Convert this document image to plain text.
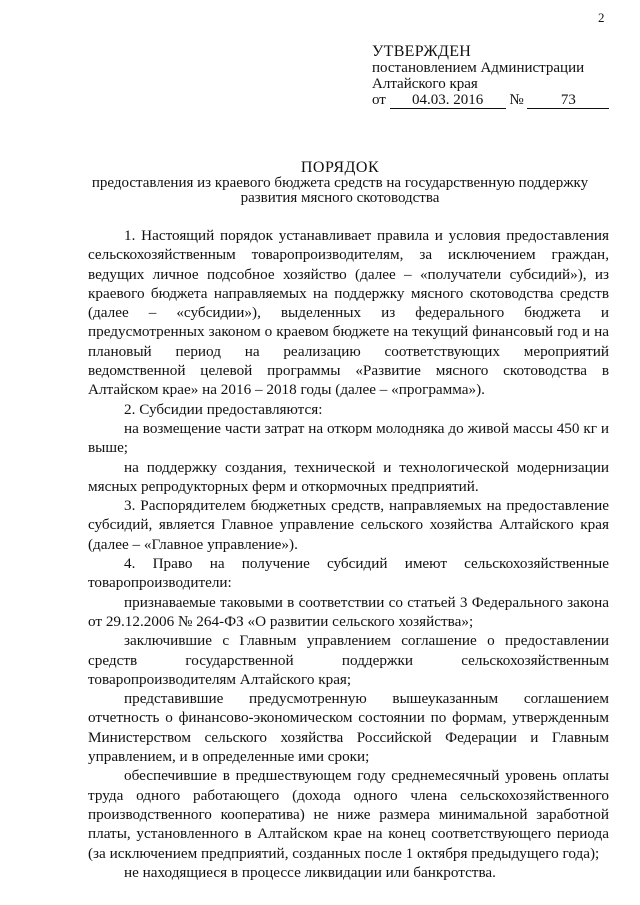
2
УТВЕРЖДЕН
постановлением Администрации
Алтайского края
от 04.03. 2016 № 73
ПОРЯДОК
предоставления из краевого бюджета средств на государственную поддержку
развития мясного скотоводства

1. Настоящий порядок устанавливает правила и условия предоставления сельскохозяйственным товаропроизводителям, за исключением граждан, ведущих личное подсобное хозяйство (далее – «получатели субсидий»), из краевого бюджета направляемых на поддержку мясного скотоводства средств (далее – «субсидии»), выделенных из федерального бюджета и предусмотренных законом о краевом бюджете на текущий финансовый год и на плановый период на реализацию соответствующих мероприятий ведомственной целевой программы «Развитие мясного скотоводства в Алтайском крае» на 2016 – 2018 годы (далее – «программа»).

2. Субсидии предоставляются:

на возмещение части затрат на откорм молодняка до живой массы 450 кг и выше;

на поддержку создания, технической и технологической модернизации мясных репродукторных ферм и откормочных предприятий.

3. Распорядителем бюджетных средств, направляемых на предоставление субсидий, является Главное управление сельского хозяйства Алтайского края (далее – «Главное управление»).

4. Право на получение субсидий имеют сельскохозяйственные товаропроизводители:

признаваемые таковыми в соответствии со статьей 3 Федерального закона от 29.12.2006 № 264-ФЗ «О развитии сельского хозяйства»;

заключившие с Главным управлением соглашение о предоставлении средств государственной поддержки сельскохозяйственным товаропроизводителям Алтайского края;

представившие предусмотренную вышеуказанным соглашением отчетность о финансово-экономическом состоянии по формам, утвержденным Министерством сельского хозяйства Российской Федерации и Главным управлением, и в определенные ими сроки;

обеспечившие в предшествующем году среднемесячный уровень оплаты труда одного работающего (дохода одного члена сельскохозяйственного производственного кооператива) не ниже размера минимальной заработной платы, установленного в Алтайском крае на конец соответствующего периода (за исключением предприятий, созданных после 1 октября предыдущего года);

не находящиеся в процессе ликвидации или банкротства.
